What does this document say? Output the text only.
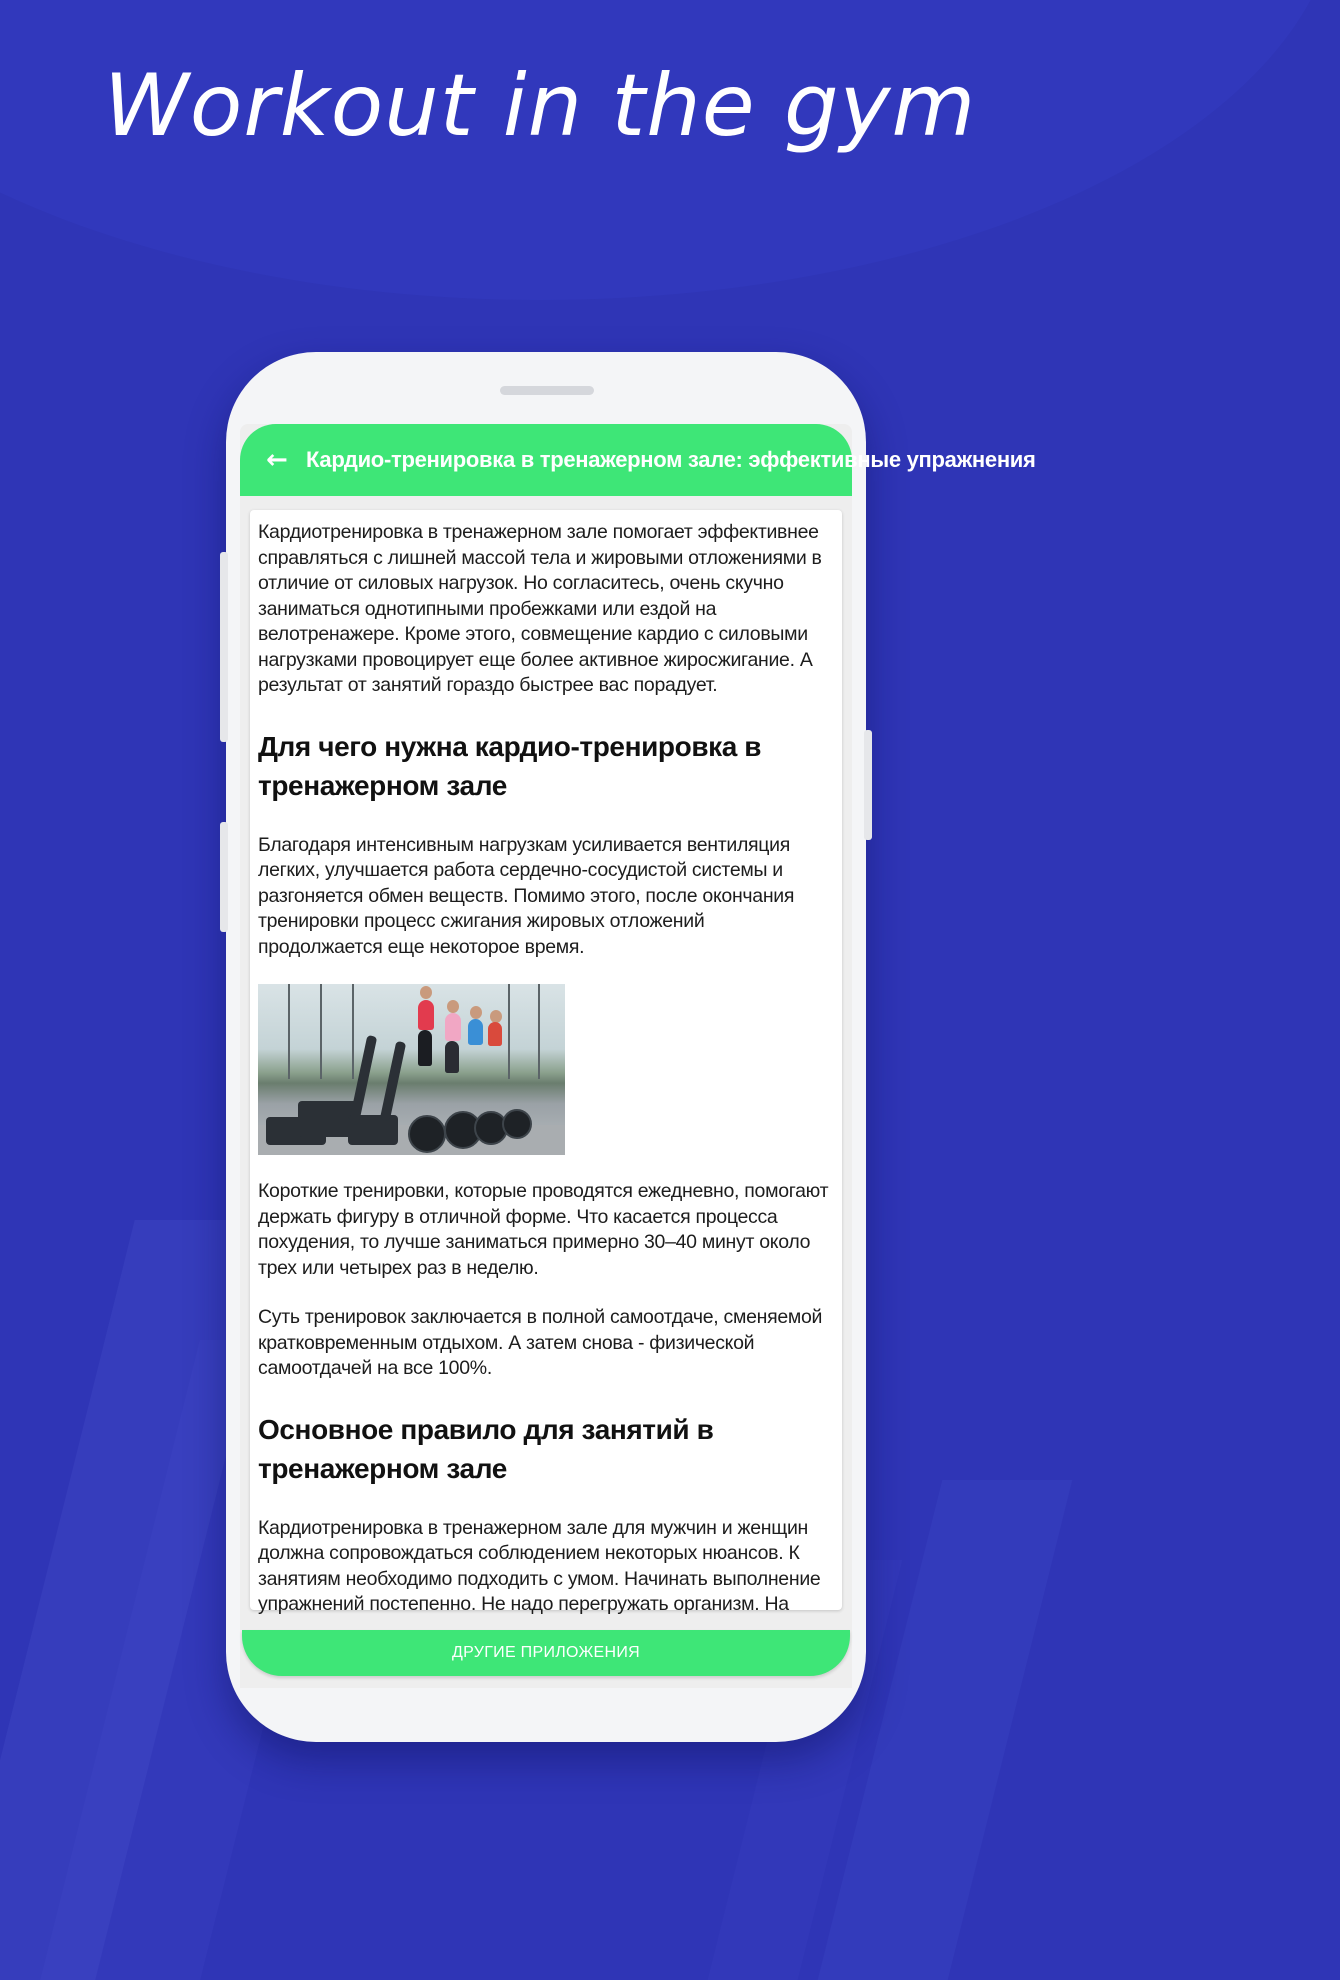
Workout in the gym
← Кардио-тренировка в тренажерном зале: эффективные упражнения

Кардиотренировка в тренажерном зале помогает эффективнее справляться с лишней массой тела и жировыми отложениями в отличие от силовых нагрузок. Но согласитесь, очень скучно заниматься однотипными пробежками или ездой на велотренажере. Кроме этого, совмещение кардио с силовыми нагрузками провоцирует еще более активное жиросжигание. А результат от занятий гораздо быстрее вас порадует.

Для чего нужна кардио-тренировка в тренажерном зале

Благодаря интенсивным нагрузкам усиливается вентиляция легких, улучшается работа сердечно-сосудистой системы и разгоняется обмен веществ. Помимо этого, после окончания тренировки процесс сжигания жировых отложений продолжается еще некоторое время.

Короткие тренировки, которые проводятся ежедневно, помогают держать фигуру в отличной форме. Что касается процесса похудения, то лучше заниматься примерно 30–40 минут около трех или четырех раз в неделю.

Суть тренировок заключается в полной самоотдаче, сменяемой кратковременным отдыхом. А затем снова - физической самоотдачей на все 100%.

Основное правило для занятий в тренажерном зале

Кардиотренировка в тренажерном зале для мужчин и женщин должна сопровождаться соблюдением некоторых нюансов. К занятиям необходимо подходить с умом. Начинать выполнение упражнений постепенно. Не надо перегружать организм. На

ДРУГИЕ ПРИЛОЖЕНИЯ
